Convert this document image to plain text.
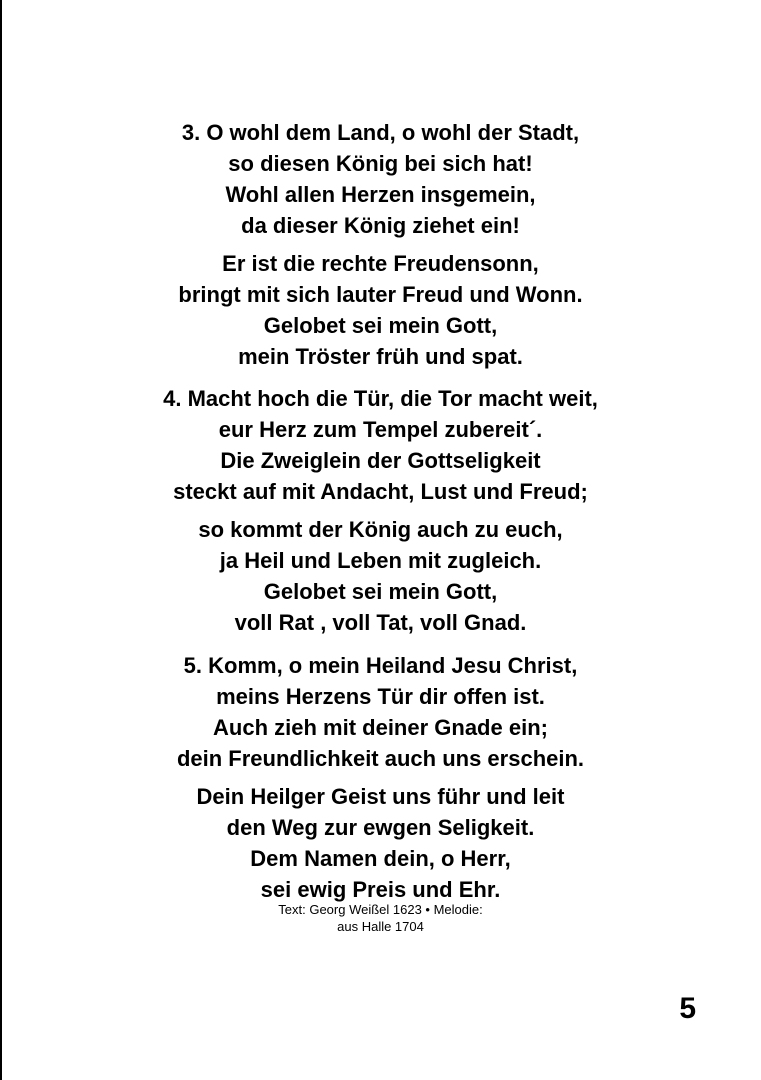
3. O wohl dem Land, o wohl der Stadt,
so diesen König bei sich hat!
Wohl allen Herzen insgemein,
da dieser König ziehet ein!
Er ist die rechte Freudensonn,
bringt mit sich lauter Freud und Wonn.
Gelobet sei mein Gott,
mein Tröster früh und spat.
4. Macht hoch die Tür, die Tor macht weit,
eur Herz zum Tempel zubereit´.
Die Zweiglein der Gottseligkeit
steckt auf mit Andacht, Lust und Freud;
so kommt der König auch zu euch,
ja Heil und Leben mit zugleich.
Gelobet sei mein Gott,
voll Rat , voll Tat, voll Gnad.
5. Komm, o mein Heiland Jesu Christ,
meins Herzens Tür dir offen ist.
Auch zieh mit deiner Gnade ein;
dein Freundlichkeit auch uns erschein.
Dein Heilger Geist uns führ und leit
den Weg zur ewgen Seligkeit.
Dem Namen dein, o Herr,
sei ewig Preis und Ehr.
Text: Georg Weißel 1623 • Melodie:
aus Halle 1704
5
